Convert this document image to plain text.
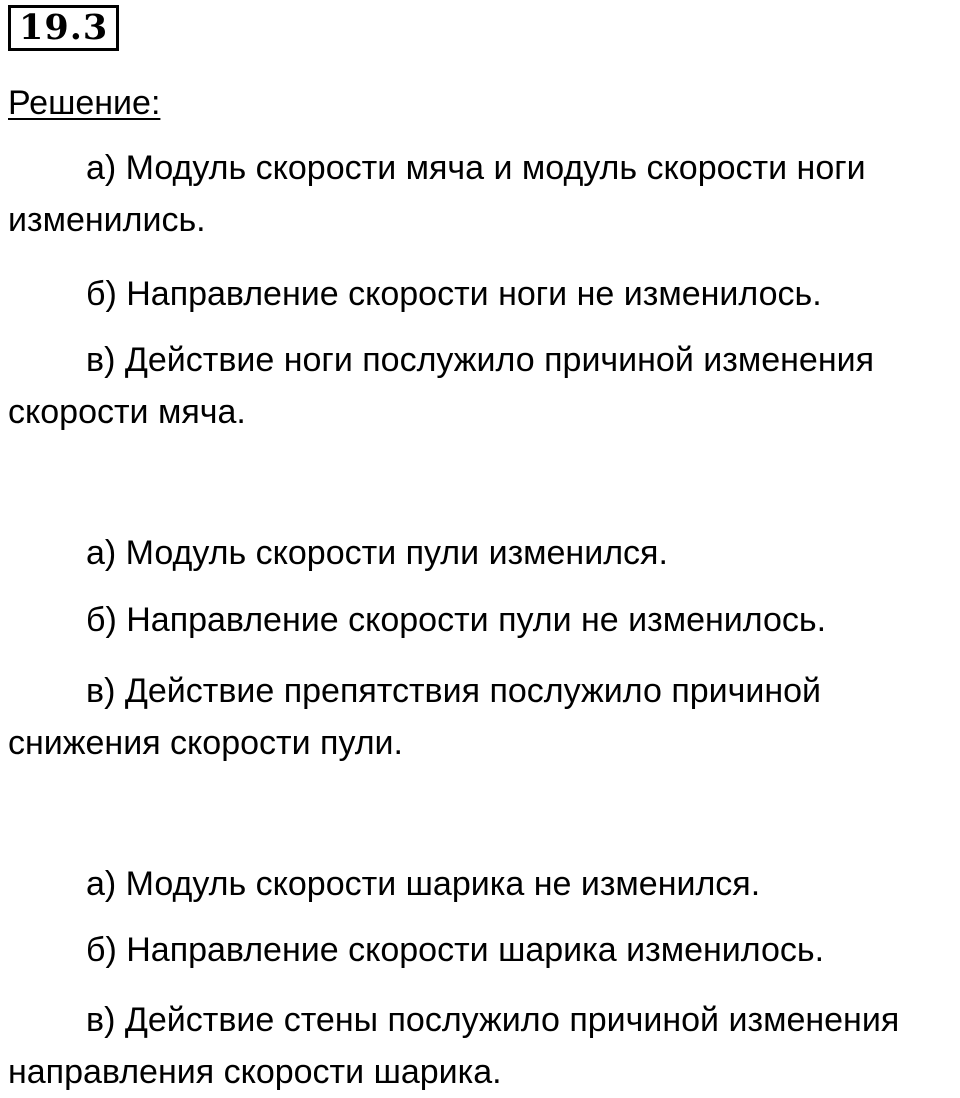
19.3
Решение:
а) Модуль скорости мяча и модуль скорости ноги изменились.
б) Направление скорости ноги не изменилось.
в) Действие ноги послужило причиной изменения скорости мяча.
а) Модуль скорости пули изменился.
б) Направление скорости пули не изменилось.
в) Действие препятствия послужило причиной снижения скорости пули.
а) Модуль скорости шарика не изменился.
б) Направление скорости шарика изменилось.
в) Действие стены послужило причиной изменения направления скорости шарика.
